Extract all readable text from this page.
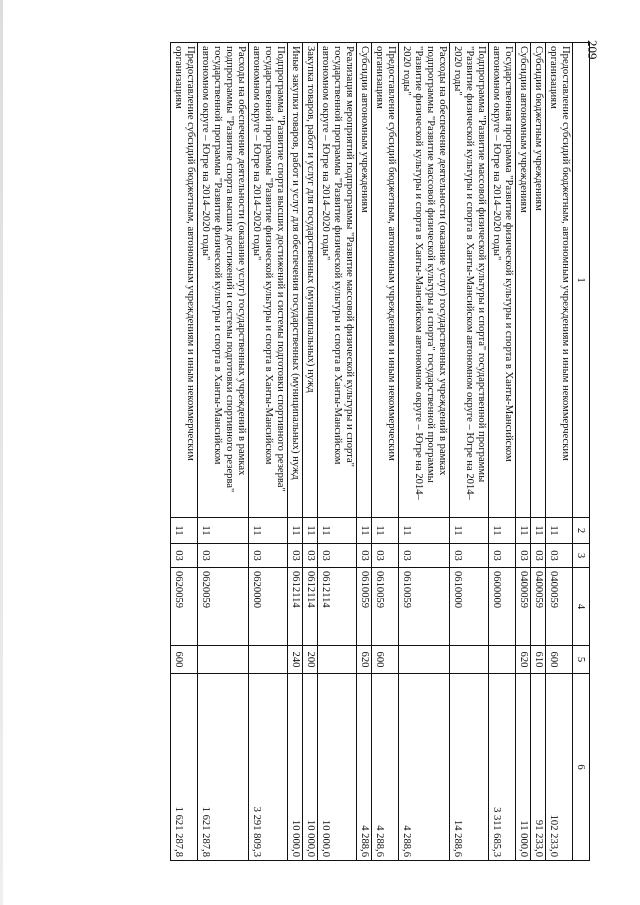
209
1	2	3	4	5	6
Предоставление субсидий бюджетным, автономным учреждениям и иным некоммерческим организациям	11	03	0400059	600	102 233,0
Субсидии бюджетным учреждениям	11	03	0400059	610	91 233,0
Субсидии автономным учреждениям	11	03	0400059	620	11 000,0
Государственная программа "Развитие физической культуры и спорта в Ханты-Мансийском автономном округе – Югре на 2014–2020 годы"	11	03	0600000		3 311 685,3
Подпрограмма "Развитие массовой физической культуры и спорта" государственной программы "Развитие физической культуры и спорта в Ханты-Мансийском автономном округе – Югре на 2014–2020 годы"	11	03	0610000		14 288,6
Расходы на обеспечение деятельности (оказание услуг) государственных учреждений в рамках подпрограммы "Развитие массовой физической культуры и спорта" государственной программы "Развитие физической культуры и спорта в Ханты-Мансийском автономном округе – Югре на 2014–2020 годы"	11	03	0610059		4 288,6
Предоставление субсидий бюджетным, автономным учреждениям и иным некоммерческим организациям	11	03	0610059	600	4 288,6
Субсидии автономным учреждениям	11	03	0610059	620	4 288,6
Реализация мероприятий подпрограммы "Развитие массовой физической культуры и спорта" государственной программы "Развитие физической культуры и спорта в Ханты-Мансийском автономном округе – Югре на 2014–2020 годы"	11	03	0612114		10 000,0
Закупка товаров, работ и услуг для государственных (муниципальных) нужд	11	03	0612114	200	10 000,0
Иные закупки товаров, работ и услуг для обеспечения государственных (муниципальных) нужд	11	03	0612114	240	10 000,0
Подпрограмма "Развитие спорта высших достижений и системы подготовки спортивного резерва" государственной программы "Развитие физической культуры и спорта в Ханты-Мансийском автономном округе – Югре на 2014–2020 годы"	11	03	0620000		3 291 809,3
Расходы на обеспечение деятельности (оказание услуг) государственных учреждений в рамках подпрограммы "Развитие спорта высших достижений и системы подготовки спортивного резерва" государственной программы "Развитие физической культуры и спорта в Ханты-Мансийском автономном округе – Югре на 2014–2020 годы"	11	03	0620059		1 621 287,8
Предоставление субсидий бюджетным, автономным учреждениям и иным некоммерческим организациям	11	03	0620059	600	1 621 287,8
